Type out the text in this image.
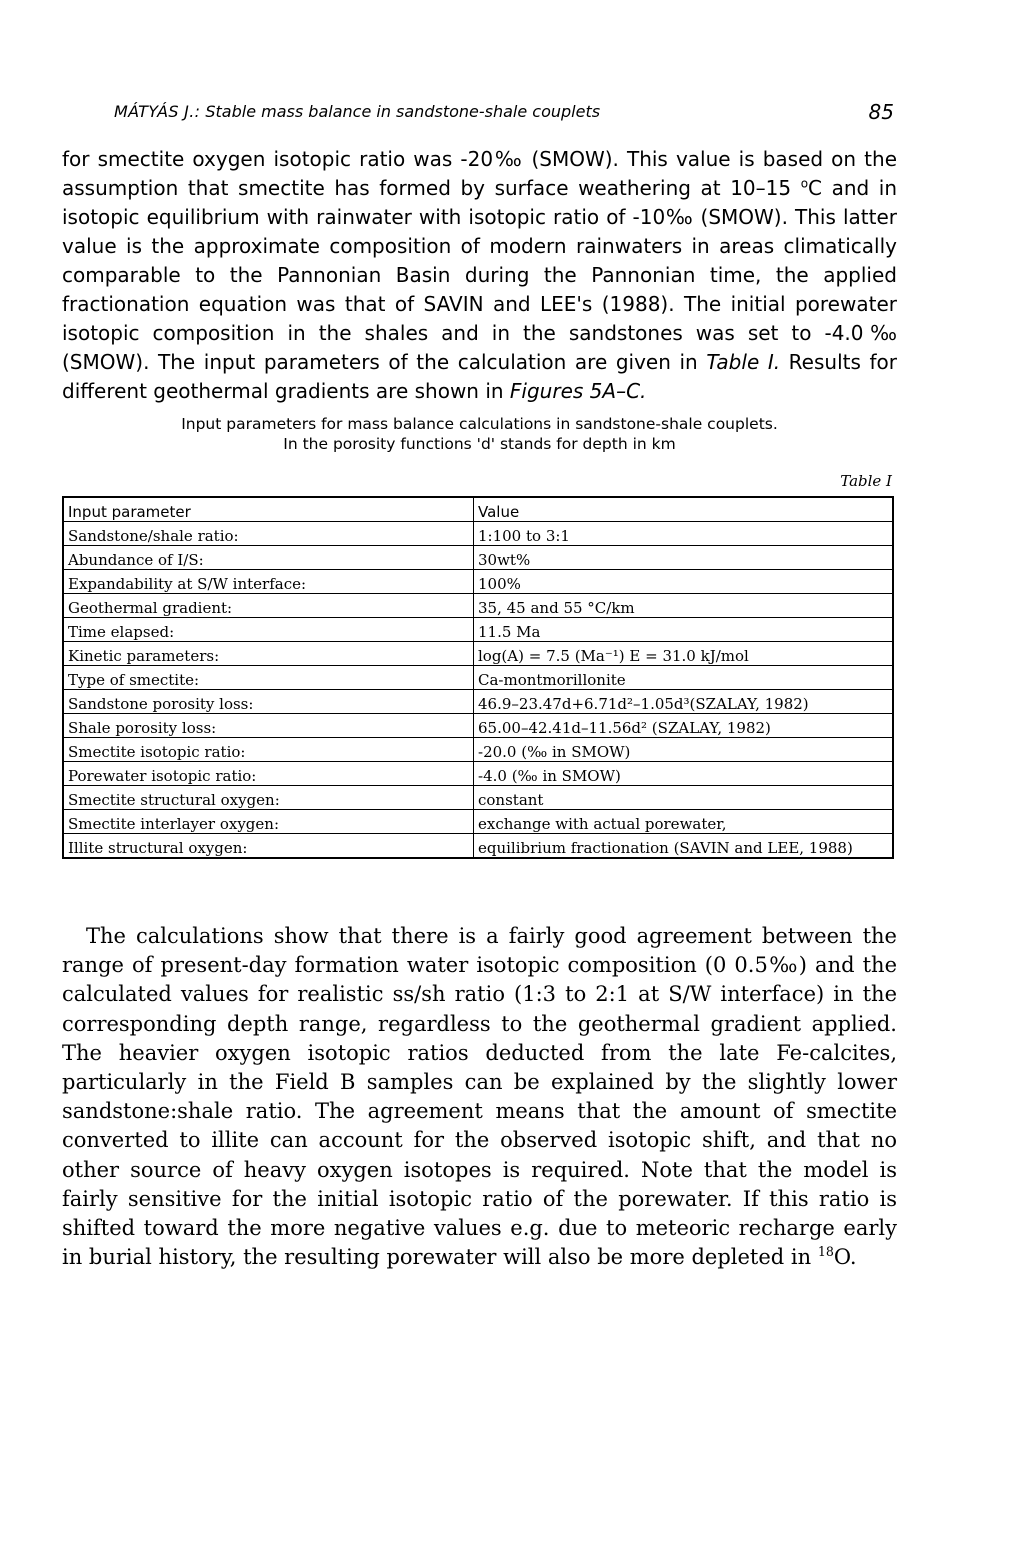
MÁTYÁS J.: Stable mass balance in sandstone-shale couplets	85

for smectite oxygen isotopic ratio was -20‰ (SMOW). This value is based on the assumption that smectite has formed by surface weathering at 10–15 $^o$C and in isotopic equilibrium with rainwater with isotopic ratio of -10‰ (SMOW). This latter value is the approximate composition of modern rainwaters in areas climatically comparable to the Pannonian Basin during the Pannonian time, the applied fractionation equation was that of SAVIN and LEE's (1988). The initial porewater isotopic composition in the shales and in the sandstones was set to -4.0‰ (SMOW). The input parameters of the calculation are given in Table I. Results for different geothermal gradients are shown in Figures 5A–C.

Input parameters for mass balance calculations in sandstone-shale couplets.
In the porosity functions 'd' stands for depth in km
Table I
Input parameter	Value
Sandstone/shale ratio:	1:100 to 3:1
Abundance of I/S:	30wt%
Expandability at S/W interface:	100%
Geothermal gradient:	35, 45 and 55 °C/km
Time elapsed:	11.5 Ma
Kinetic parameters:	log(A) = 7.5 (Ma⁻¹) E = 31.0 kJ/mol
Type of smectite:	Ca-montmorillonite
Sandstone porosity loss:	46.9–23.47d+6.71d²–1.05d³(SZALAY, 1982)
Shale porosity loss:	65.00–42.41d–11.56d² (SZALAY, 1982)
Smectite isotopic ratio:	-20.0 (‰ in SMOW)
Porewater isotopic ratio:	-4.0 (‰ in SMOW)
Smectite structural oxygen:	constant
Smectite interlayer oxygen:	exchange with actual porewater,
Illite structural oxygen:	equilibrium fractionation (SAVIN and LEE, 1988)

The calculations show that there is a fairly good agreement between the range of present-day formation water isotopic composition (0 0.5‰) and the calculated values for realistic ss/sh ratio (1:3 to 2:1 at S/W interface) in the corresponding depth range, regardless to the geothermal gradient applied. The heavier oxygen isotopic ratios deducted from the late Fe-calcites, particularly in the Field B samples can be explained by the slightly lower sandstone:shale ratio. The agreement means that the amount of smectite converted to illite can account for the observed isotopic shift, and that no other source of heavy oxygen isotopes is required. Note that the model is fairly sensitive for the initial isotopic ratio of the porewater. If this ratio is shifted toward the more negative values e.g. due to meteoric recharge early in burial history, the resulting porewater will also be more depleted in $^{18}$O.
